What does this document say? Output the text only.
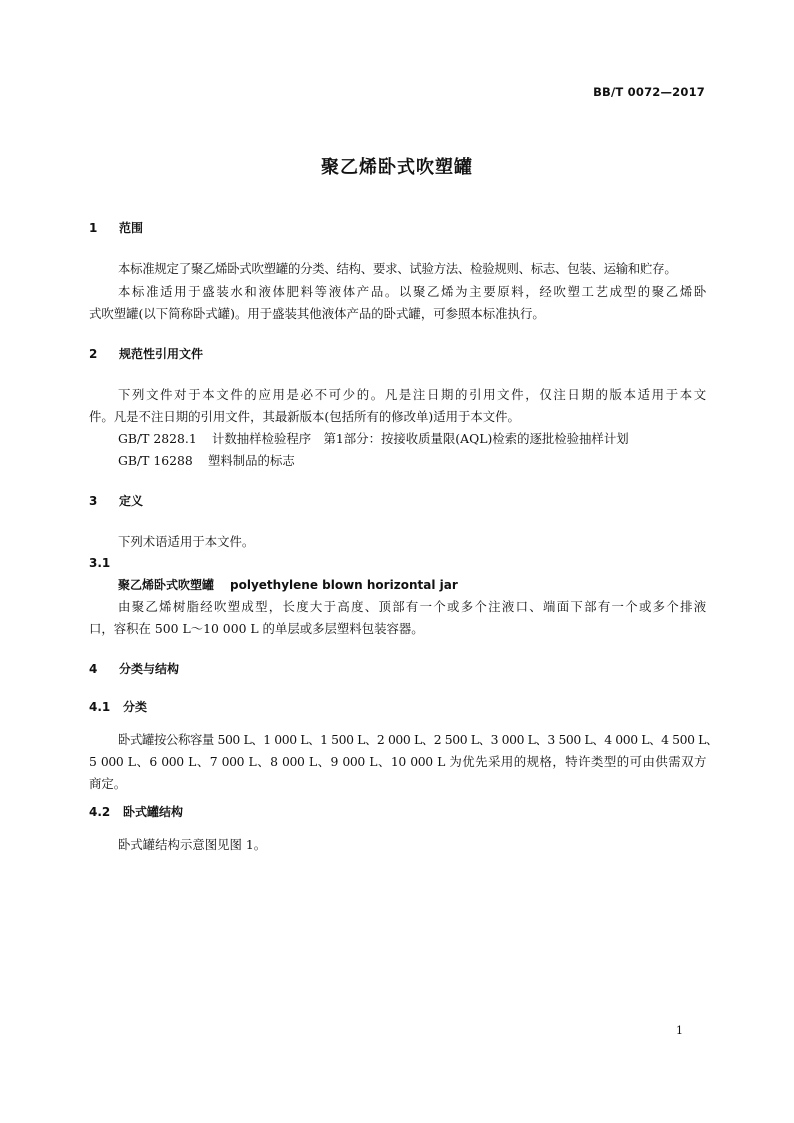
BB/T 0072—2017
聚乙烯卧式吹塑罐
1 范围
本标准规定了聚乙烯卧式吹塑罐的分类、结构、要求、试验方法、检验规则、标志、包装、运输和贮存。
本标准适用于盛装水和液体肥料等液体产品。以聚乙烯为主要原料，经吹塑工艺成型的聚乙烯卧
式吹塑罐(以下简称卧式罐)。用于盛装其他液体产品的卧式罐，可参照本标准执行。
2 规范性引用文件
下列文件对于本文件的应用是必不可少的。凡是注日期的引用文件，仅注日期的版本适用于本文
件。凡是不注日期的引用文件，其最新版本(包括所有的修改单)适用于本文件。
GB/T 2828.1 计数抽样检验程序　第1部分：按接收质量限(AQL)检索的逐批检验抽样计划
GB/T 16288 塑料制品的标志
3 定义
下列术语适用于本文件。
3.1
聚乙烯卧式吹塑罐 polyethylene blown horizontal jar
由聚乙烯树脂经吹塑成型，长度大于高度、顶部有一个或多个注液口、端面下部有一个或多个排液
口，容积在 500 L～10 000 L 的单层或多层塑料包装容器。
4 分类与结构
4.1 分类
卧式罐按公称容量 500 L、1 000 L、1 500 L、2 000 L、2 500 L、3 000 L、3 500 L、4 000 L、4 500 L、
5 000 L、6 000 L、7 000 L、8 000 L、9 000 L、10 000 L 为优先采用的规格，特许类型的可由供需双方
商定。
4.2 卧式罐结构
卧式罐结构示意图见图 1。
1
